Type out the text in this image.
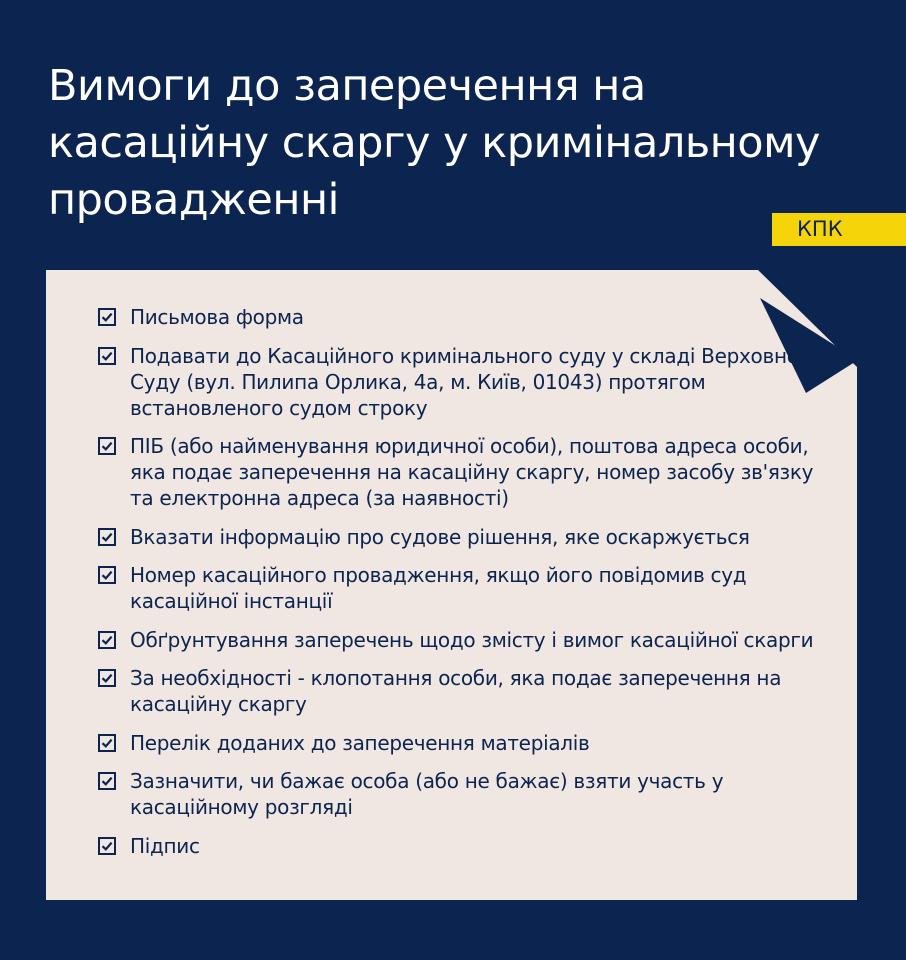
Вимоги до заперечення на касаційну скаргу у кримінальному провадженні
КПК
Письмова форма
Подавати до Касаційного кримінального суду у складі Верховного Суду (вул. Пилипа Орлика, 4а, м. Київ, 01043) протягом встановленого судом строку
ПІБ (або найменування юридичної особи), поштова адреса особи, яка подає заперечення на касаційну скаргу, номер засобу зв'язку та електронна адреса (за наявності)
Вказати інформацію про судове рішення, яке оскаржується
Номер касаційного провадження, якщо його повідомив суд касаційної інстанції
Обґрунтування заперечень щодо змісту і вимог касаційної скарги
За необхідності - клопотання особи, яка подає заперечення на касаційну скаргу
Перелік доданих до заперечення матеріалів
Зазначити, чи бажає особа (або не бажає) взяти участь у касаційному розгляді
Підпис
